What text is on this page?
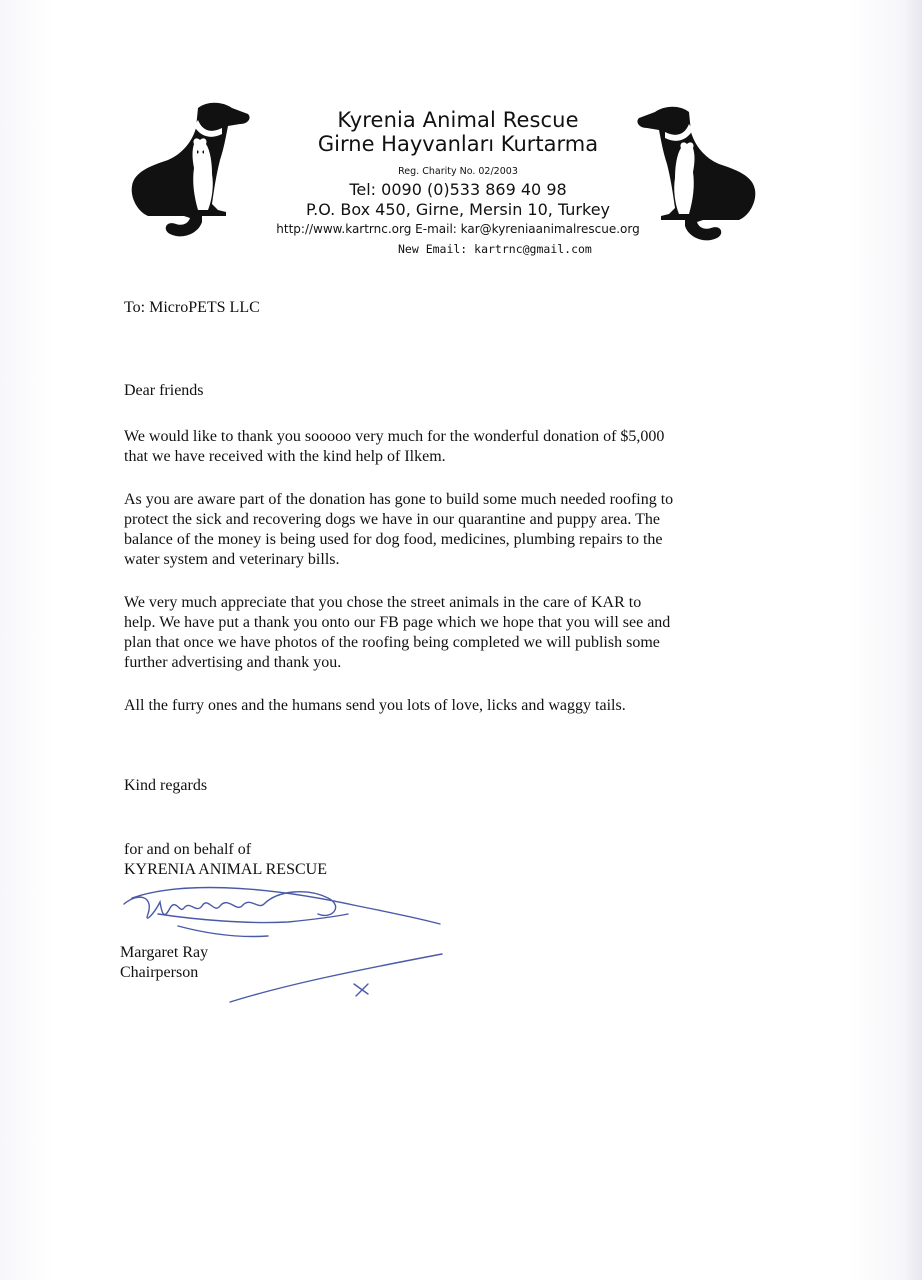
Kyrenia Animal Rescue
Girne Hayvanları Kurtarma
Reg. Charity No. 02/2003
Tel: 0090 (0)533 869 40 98
P.O. Box 450, Girne, Mersin 10, Turkey
http://www.kartrnc.org E-mail: kar@kyreniaanimalrescue.org
New Email: kartrnc@gmail.com
To: MicroPETS LLC
Dear friends
We would like to thank you sooooo very much for the wonderful donation of $5,000
that we have received with the kind help of Ilkem.
As you are aware part of the donation has gone to build some much needed roofing to
protect the sick and recovering dogs we have in our quarantine and puppy area. The
balance of the money is being used for dog food, medicines, plumbing repairs to the
water system and veterinary bills.
We very much appreciate that you chose the street animals in the care of KAR to
help. We have put a thank you onto our FB page which we hope that you will see and
plan that once we have photos of the roofing being completed we will publish some
further advertising and thank you.
All the furry ones and the humans send you lots of love, licks and waggy tails.
Kind regards
for and on behalf of
KYRENIA ANIMAL RESCUE
Margaret Ray
Chairperson
